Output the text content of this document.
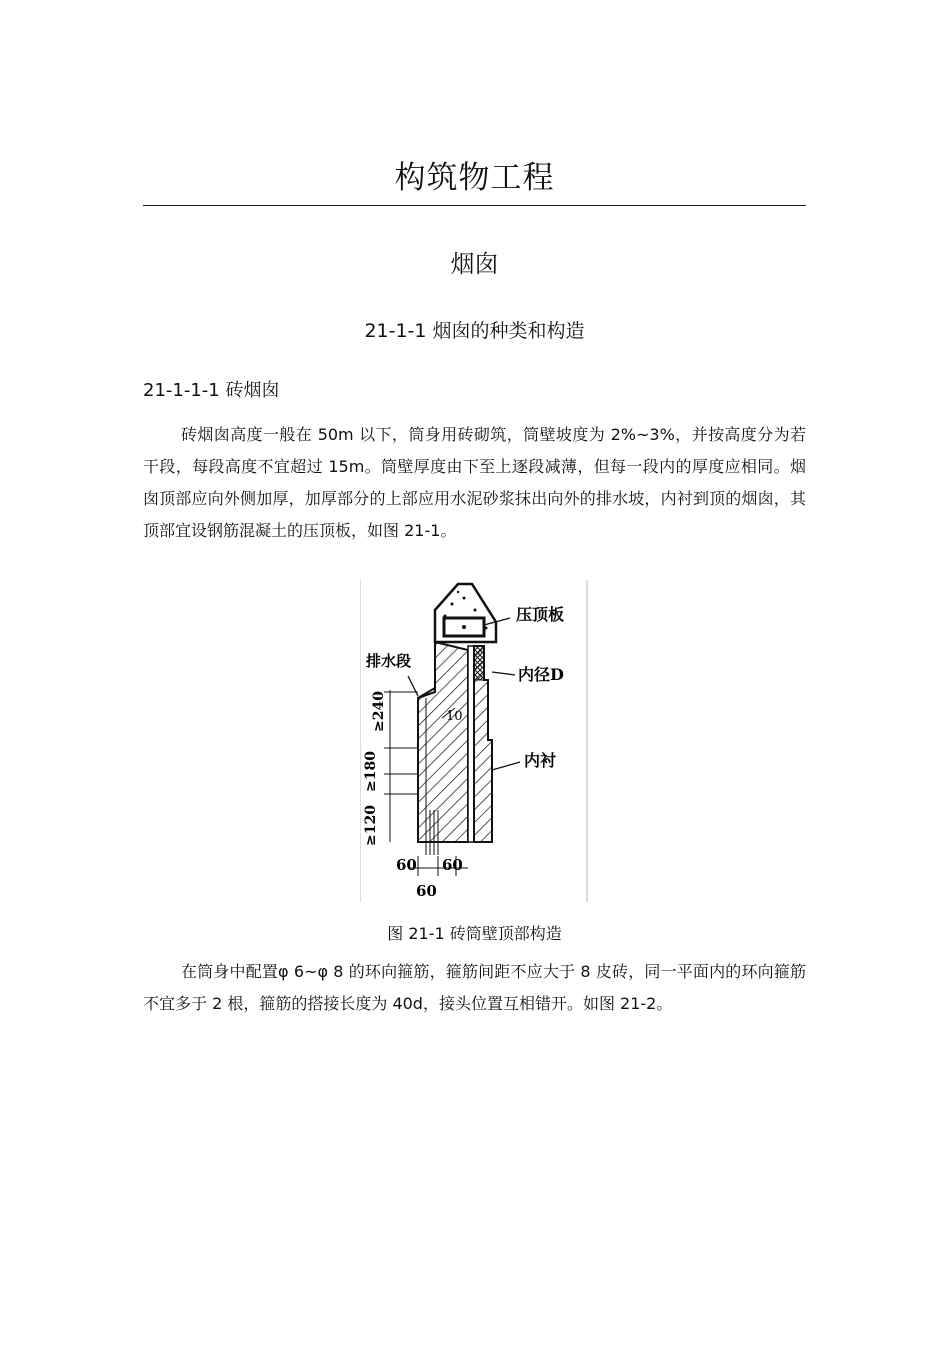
构筑物工程
烟囱
21-1-1 烟囱的种类和构造
21-1-1-1 砖烟囱

砖烟囱高度一般在 50m 以下，筒身用砖砌筑，筒壁坡度为 2%~3%，并按高度分为若干段，每段高度不宜超过 15m。筒壁厚度由下至上逐段减薄，但每一段内的厚度应相同。烟囱顶部应向外侧加厚，加厚部分的上部应用水泥砂浆抹出向外的排水坡，内衬到顶的烟囱，其顶部宜设钢筋混凝土的压顶板，如图 21-1。

压顶板
排水段
内径D
内衬
10
≥240
≥180
≥120
60 60
60
图 21-1 砖筒壁顶部构造

在筒身中配置φ 6~φ 8 的环向箍筋，箍筋间距不应大于 8 皮砖，同一平面内的环向箍筋不宜多于 2 根，箍筋的搭接长度为 40d，接头位置互相错开。如图 21-2。
